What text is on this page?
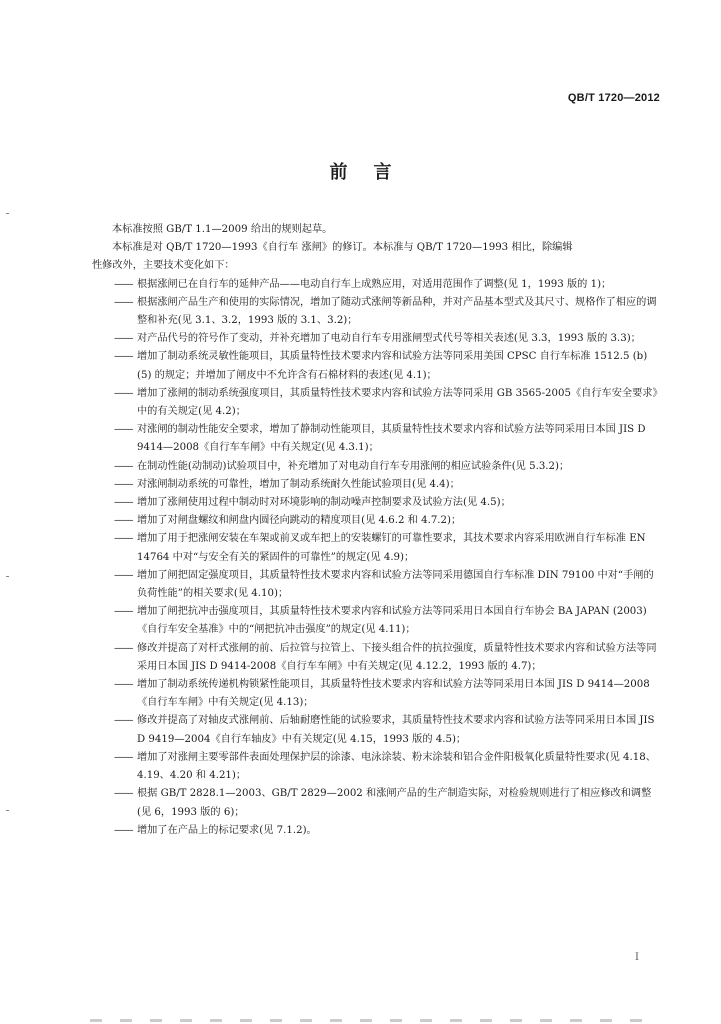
QB/T 1720—2012
前言

本标准按照 GB/T 1.1—2009 给出的规则起草。

本标准是对 QB/T 1720—1993《自行车 涨闸》的修订。本标准与 QB/T 1720—1993 相比，除编辑

性修改外，主要技术变化如下：

—— 根据涨闸已在自行车的延伸产品——电动自行车上成熟应用，对适用范围作了调整(见 1，1993 版的 1)；
—— 根据涨闸产品生产和使用的实际情况，增加了随动式涨闸等新品种，并对产品基本型式及其尺寸、规格作了相应的调整和补充(见 3.1、3.2，1993 版的 3.1、3.2)；
—— 对产品代号的符号作了变动，并补充增加了电动自行车专用涨闸型式代号等相关表述(见 3.3，1993 版的 3.3)；
—— 增加了制动系统灵敏性能项目，其质量特性技术要求内容和试验方法等同采用美国 CPSC 自行车标准 1512.5 (b) (5) 的规定；并增加了闸皮中不允许含有石棉材料的表述(见 4.1)；
—— 增加了涨闸的制动系统强度项目，其质量特性技术要求内容和试验方法等同采用 GB 3565-2005《自行车安全要求》中的有关规定(见 4.2)；
—— 对涨闸的制动性能安全要求，增加了静制动性能项目，其质量特性技术要求内容和试验方法等同采用日本国 JIS D 9414—2008《自行车车闸》中有关规定(见 4.3.1)；
—— 在制动性能(动制动)试验项目中，补充增加了对电动自行车专用涨闸的相应试验条件(见 5.3.2)；
—— 对涨闸制动系统的可靠性，增加了制动系统耐久性能试验项目(见 4.4)；
—— 增加了涨闸使用过程中制动时对环境影响的制动噪声控制要求及试验方法(见 4.5)；
—— 增加了对闸盘螺纹和闸盘内圆径向跳动的精度项目(见 4.6.2 和 4.7.2)；
—— 增加了用于把涨闸安装在车架或前叉或车把上的安装螺钉的可靠性要求，其技术要求内容采用欧洲自行车标准 EN 14764 中对“与安全有关的紧固件的可靠性”的规定(见 4.9)；
—— 增加了闸把固定强度项目，其质量特性技术要求内容和试验方法等同采用德国自行车标准 DIN 79100 中对“手闸的负荷性能”的相关要求(见 4.10)；
—— 增加了闸把抗冲击强度项目，其质量特性技术要求内容和试验方法等同采用日本国自行车协会 BA JAPAN (2003)《自行车安全基准》中的“闸把抗冲击强度”的规定(见 4.11)；
—— 修改并提高了对杆式涨闸的前、后拉管与拉管上、下接头组合件的抗拉强度，质量特性技术要求内容和试验方法等同采用日本国 JIS D 9414-2008《自行车车闸》中有关规定(见 4.12.2，1993 版的 4.7)；
—— 增加了制动系统传递机构锁紧性能项目，其质量特性技术要求内容和试验方法等同采用日本国 JIS D 9414—2008《自行车车闸》中有关规定(见 4.13)；
—— 修改并提高了对轴皮式涨闸前、后轴耐磨性能的试验要求，其质量特性技术要求内容和试验方法等同采用日本国 JIS D 9419—2004《自行车轴皮》中有关规定(见 4.15，1993 版的 4.5)；
—— 增加了对涨闸主要零部件表面处理保护层的涂漆、电泳涂装、粉末涂装和铝合金件阳极氧化质量特性要求(见 4.18、4.19、4.20 和 4.21)；
—— 根据 GB/T 2828.1—2003、GB/T 2829—2002 和涨闸产品的生产制造实际，对检验规则进行了相应修改和调整(见 6，1993 版的 6)；
—— 增加了在产品上的标记要求(见 7.1.2)。
I
